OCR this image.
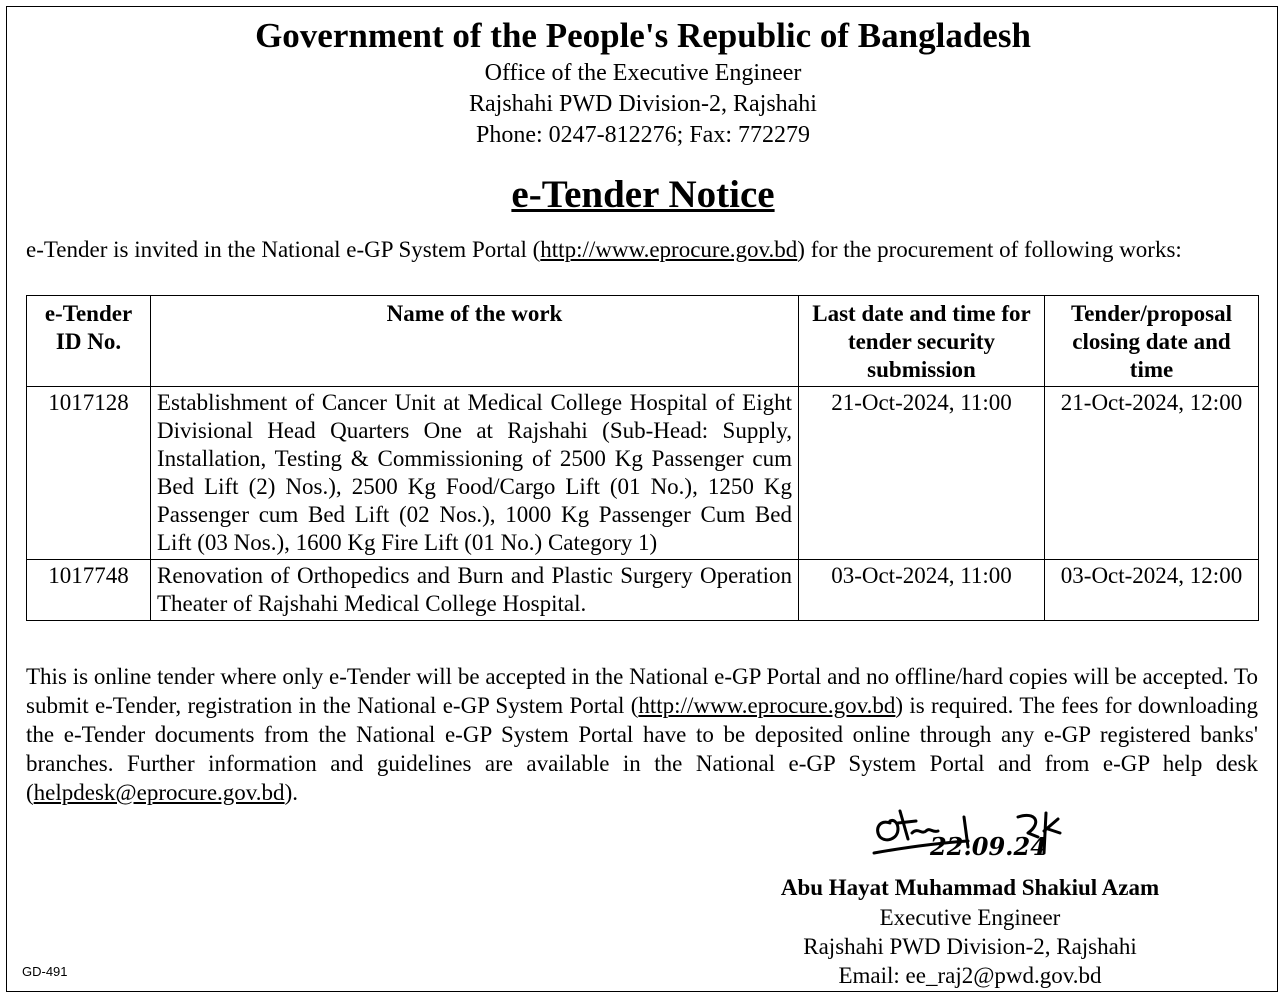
Government of the People's Republic of Bangladesh
Office of the Executive Engineer
Rajshahi PWD Division-2, Rajshahi
Phone: 0247-812276; Fax: 772279
e-Tender Notice
e-Tender is invited in the National e-GP System Portal (http://www.eprocure.gov.bd) for the procurement of following works:
e-Tender ID No.	Name of the work	Last date and time for tender security submission	Tender/proposal closing date and time
1017128	Establishment of Cancer Unit at Medical College Hospital of Eight Divisional Head Quarters One at Rajshahi (Sub-Head: Supply, Installation, Testing & Commissioning of 2500 Kg Passenger cum Bed Lift (2) Nos.), 2500 Kg Food/Cargo Lift (01 No.), 1250 Kg Passenger cum Bed Lift (02 Nos.), 1000 Kg Passenger Cum Bed Lift (03 Nos.), 1600 Kg Fire Lift (01 No.) Category 1)	21-Oct-2024, 11:00	21-Oct-2024, 12:00
1017748	Renovation of Orthopedics and Burn and Plastic Surgery Operation Theater of Rajshahi Medical College Hospital.	03-Oct-2024, 11:00	03-Oct-2024, 12:00
This is online tender where only e-Tender will be accepted in the National e-GP Portal and no offline/hard copies will be accepted. To submit e-Tender, registration in the National e-GP System Portal (http://www.eprocure.gov.bd) is required. The fees for downloading the e-Tender documents from the National e-GP System Portal have to be deposited online through any e-GP registered banks' branches. Further information and guidelines are available in the National e-GP System Portal and from e-GP help desk (helpdesk@eprocure.gov.bd).
22.09.24
Abu Hayat Muhammad Shakiul Azam
Executive Engineer
Rajshahi PWD Division-2, Rajshahi
Email: ee_raj2@pwd.gov.bd
GD-491
